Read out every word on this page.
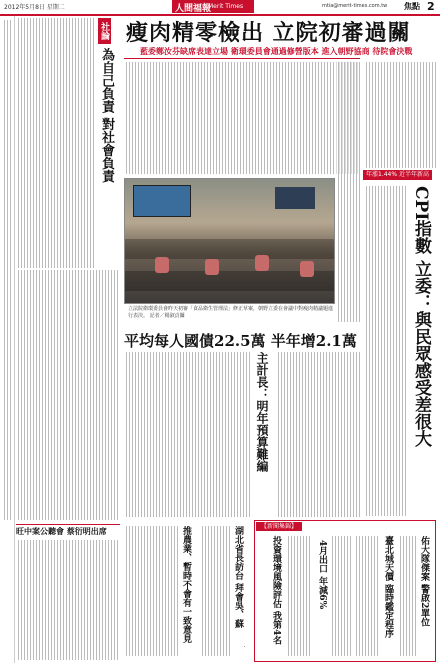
2012年5月8日 星期二	人間福報
Merit Times	mtia@merit-times.com.tw 焦點 2
社論
為自己負責 對社會負責
旺中案公聽會 蔡衍明出席
瘦肉精零檢出 立院初審過關
藍委鄭汝芬缺席表達立場 衛環委員會通過修營版本 進入朝野協商 待院會決戰
立法院衛環委員會昨天初審「食品衛生管理法」修正草案，朝野立委在會議中對瘦肉精議題進行表決。 記者／楊淑貞攝
平均每人國債22.5萬 半年增2.1萬
主計長：明年預算難編
年漲1.44% 近半年新高
CPI指數 立委：與民眾感受差很大
【新聞集錦】
佑大隊傑案 警啟2單位
臺北城天價 臨時鑑定程序
4月出口 年減6%
投資環境風險評估 我第4名
湖北省長訪台 拜會吳、蘇
推農業、暫時不會有一致意見
參
